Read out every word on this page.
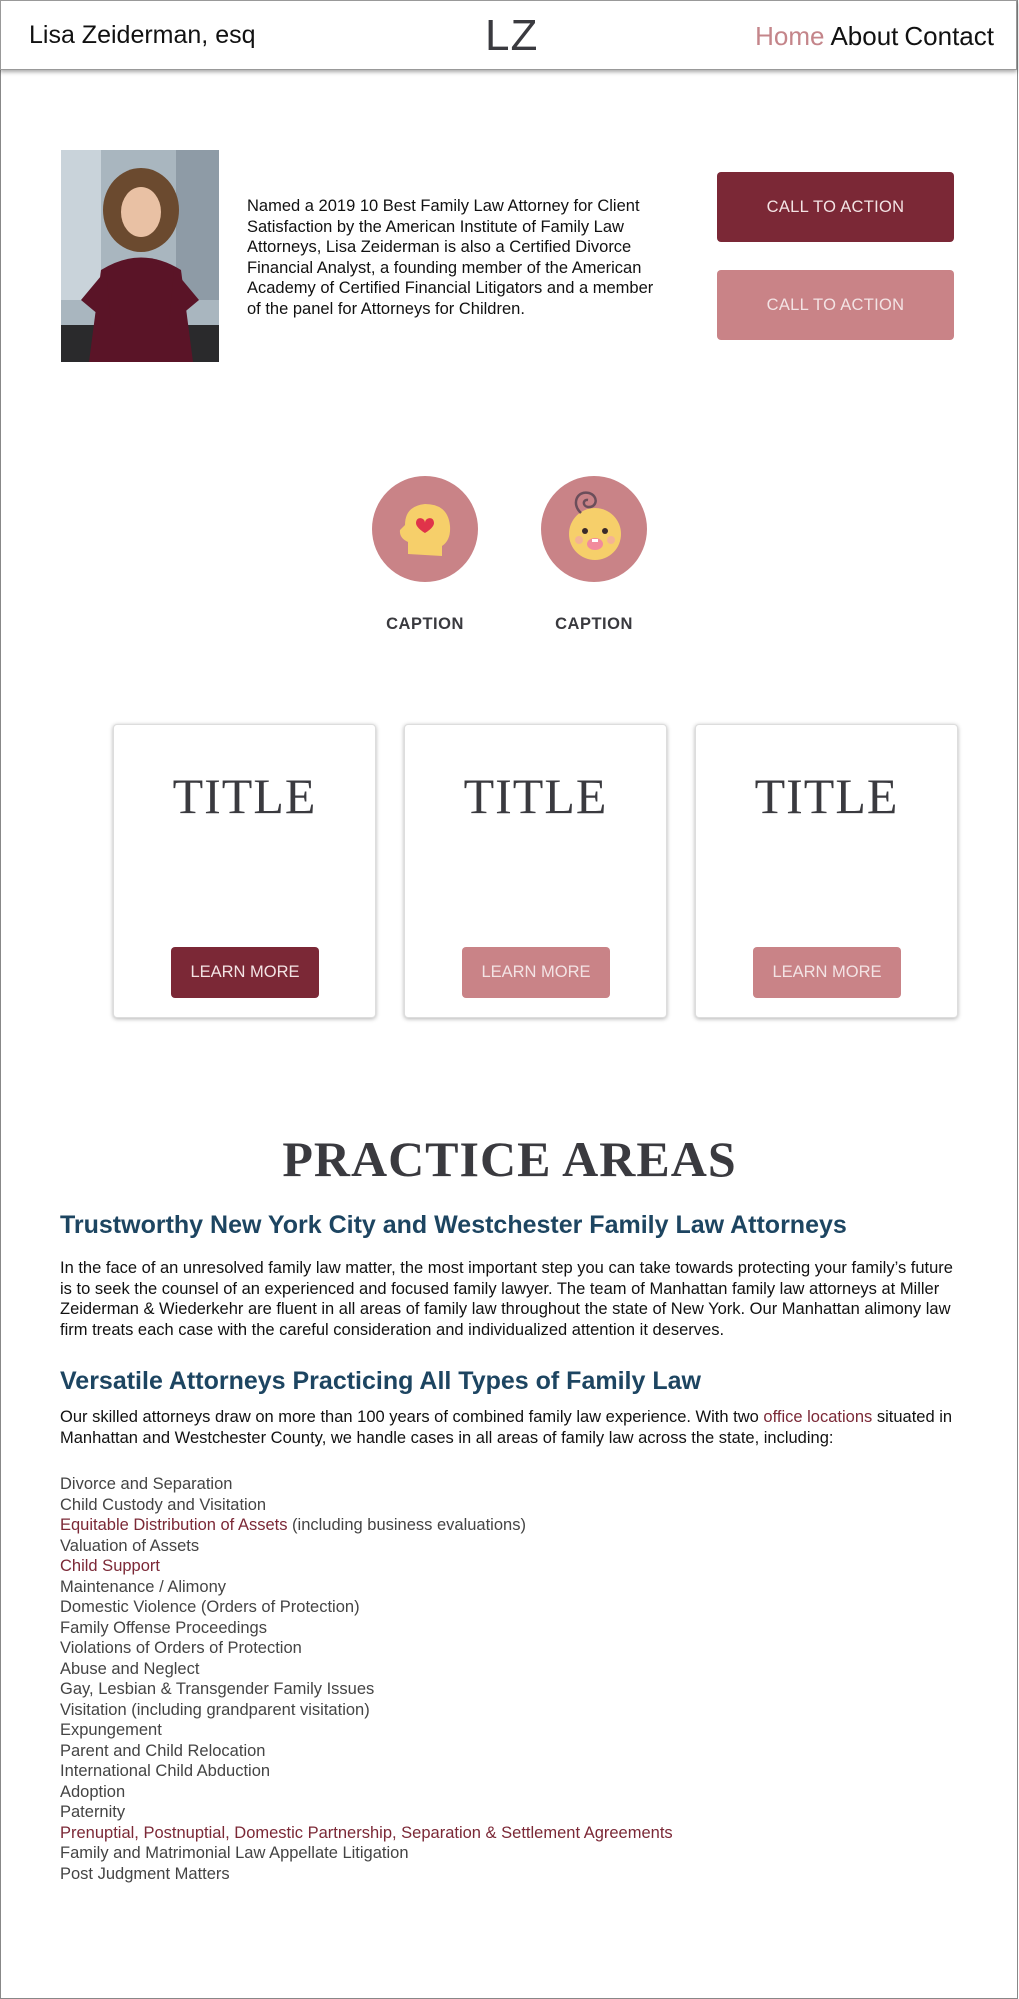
Lisa Zeiderman, esq	LZ	Home About Contact

Named a 2019 10 Best Family Law Attorney for Client Satisfaction by the American Institute of Family Law Attorneys, Lisa Zeiderman is also a Certified Divorce Financial Analyst, a founding member of the American Academy of Certified Financial Litigators and a member of the panel for Attorneys for Children.

CALL TO ACTION
CALL TO ACTION
CAPTION	CAPTION
TITLE
LEARN MORE
TITLE
LEARN MORE
TITLE
LEARN MORE
PRACTICE AREAS
Trustworthy New York City and Westchester Family Law Attorneys

In the face of an unresolved family law matter, the most important step you can take towards protecting your family’s future is to seek the counsel of an experienced and focused family lawyer. The team of Manhattan family law attorneys at Miller Zeiderman & Wiederkehr are fluent in all areas of family law throughout the state of New York. Our Manhattan alimony law firm treats each case with the careful consideration and individualized attention it deserves.

Versatile Attorneys Practicing All Types of Family Law

Our skilled attorneys draw on more than 100 years of combined family law experience. With two office locations situated in Manhattan and Westchester County, we handle cases in all areas of family law across the state, including:

Divorce and Separation
Child Custody and Visitation
Equitable Distribution of Assets (including business evaluations)
Valuation of Assets
Child Support
Maintenance / Alimony
Domestic Violence (Orders of Protection)
Family Offense Proceedings
Violations of Orders of Protection
Abuse and Neglect
Gay, Lesbian & Transgender Family Issues
Visitation (including grandparent visitation)
Expungement
Parent and Child Relocation
International Child Abduction
Adoption
Paternity
Prenuptial, Postnuptial, Domestic Partnership, Separation & Settlement Agreements
Family and Matrimonial Law Appellate Litigation
Post Judgment Matters
